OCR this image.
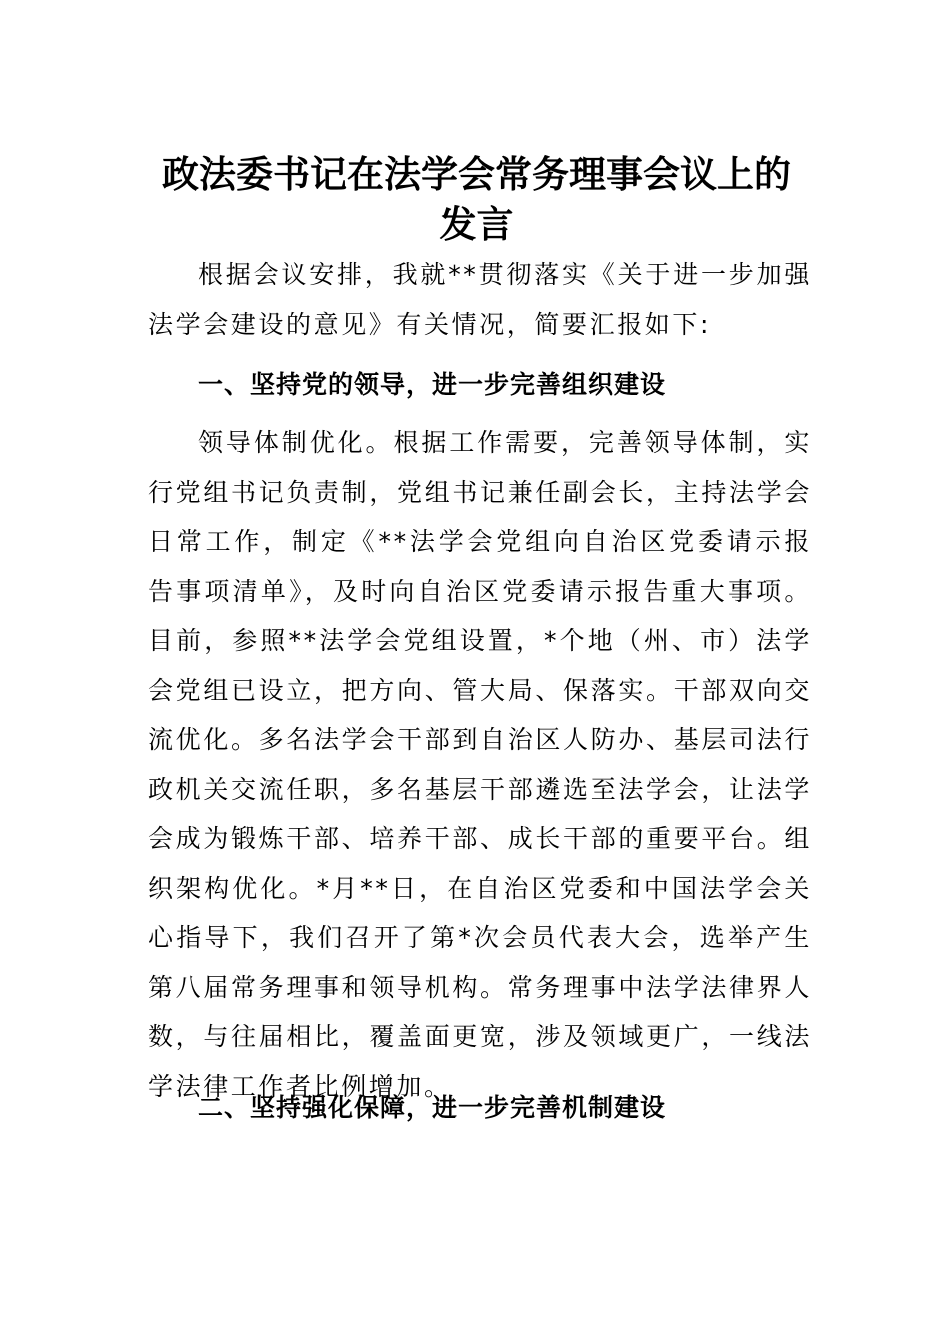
政法委书记在法学会常务理事会议上的
发言

根据会议安排，我就**贯彻落实《关于进一步加强法学会建设的意见》有关情况，简要汇报如下:

一、坚持党的领导，进一步完善组织建设

领导体制优化。根据工作需要，完善领导体制，实行党组书记负责制，党组书记兼任副会长，主持法学会日常工作，制定《**法学会党组向自治区党委请示报告事项清单》，及时向自治区党委请示报告重大事项。目前，参照**法学会党组设置，*个地（州、市）法学会党组已设立，把方向、管大局、保落实。干部双向交流优化。多名法学会干部到自治区人防办、基层司法行政机关交流任职，多名基层干部遴选至法学会，让法学会成为锻炼干部、培养干部、成长干部的重要平台。组织架构优化。*月**日，在自治区党委和中国法学会关心指导下，我们召开了第*次会员代表大会，选举产生第八届常务理事和领导机构。常务理事中法学法律界人数，与往届相比，覆盖面更宽，涉及领域更广，一线法学法律工作者比例增加。

二、坚持强化保障，进一步完善机制建设
